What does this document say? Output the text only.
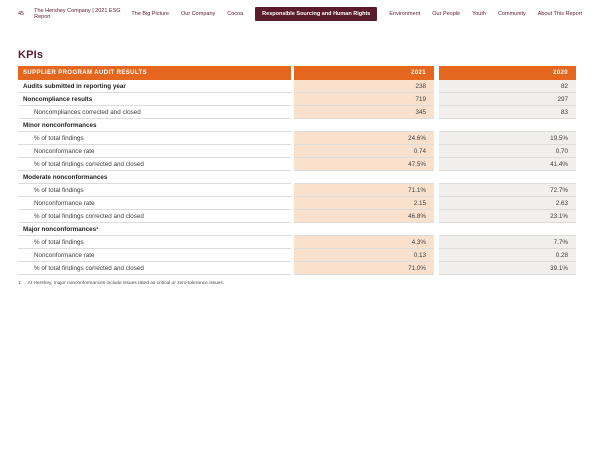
45 The Hershey Company | 2021 ESG Report	The Big Picture Our Company Cocoa	Responsible Sourcing and Human Rights	Environment Our People Youth Community About This Report
KPIs
SUPPLIER PROGRAM AUDIT RESULTS	2021	2020
Audits submitted in reporting year	238	82
Noncompliance results	719	297
Noncompliances corrected and closed	345	83
Minor nonconformances
% of total findings	24.6%	19.5%
Nonconformance rate	0.74	0.70
% of total findings corrected and closed	47.5%	41.4%
Moderate nonconformances
% of total findings	71.1%	72.7%
Nonconformance rate	2.15	2.63
% of total findings corrected and closed	46.8%	23.1%
Major nonconformances¹
% of total findings	4.3%	7.7%
Nonconformance rate	0.13	0.28
% of total findings corrected and closed	71.0%	39.1%
1 At Hershey, major nonconformances include issues rated as critical or zero-tolerance issues.
